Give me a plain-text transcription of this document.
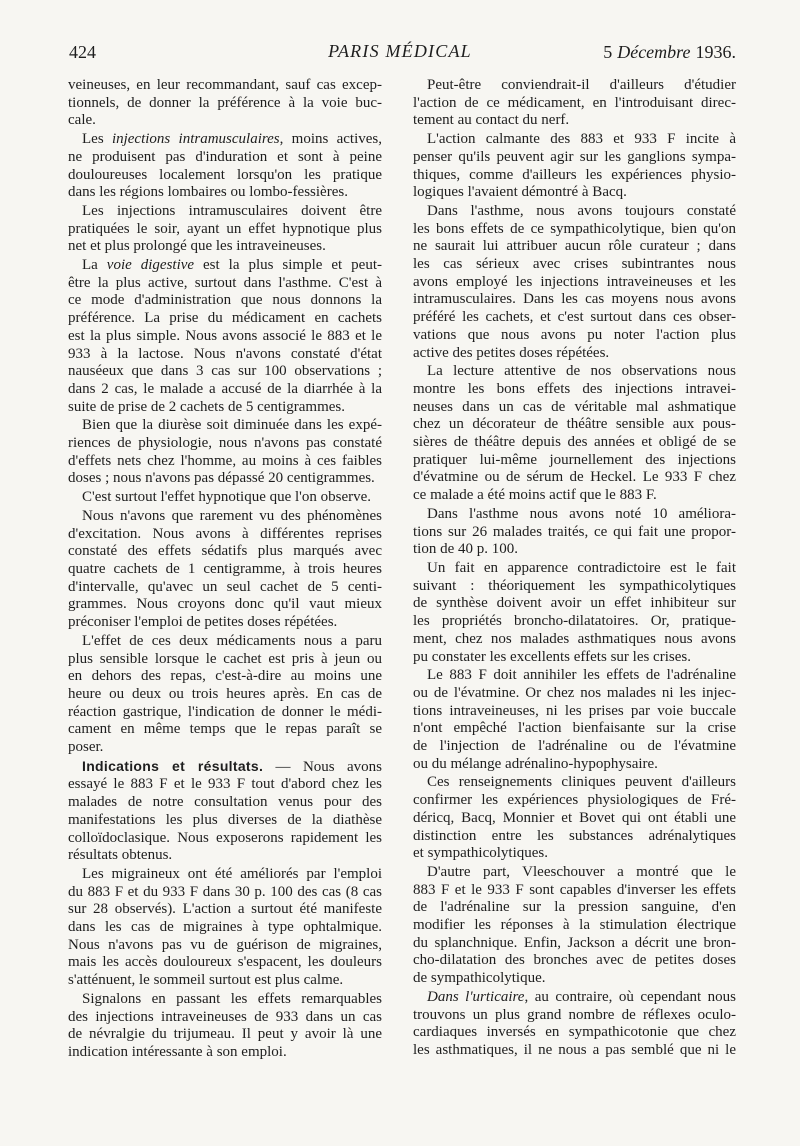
424	PARIS MÉDICAL	5 Décembre 1936.
veineuses, en leur recommandant, sauf cas excep-
tionnels, de donner la préférence à la voie buc-
cale.
Les injections intramusculaires, moins actives,
ne produisent pas d'induration et sont à peine
douloureuses localement lorsqu'on les pratique
dans les régions lombaires ou lombo-fessières.
Les injections intramusculaires doivent être
pratiquées le soir, ayant un effet hypnotique plus
net et plus prolongé que les intraveineuses.
La voie digestive est la plus simple et peut-
être la plus active, surtout dans l'asthme. C'est à
ce mode d'administration que nous donnons la
préférence. La prise du médicament en cachets
est la plus simple. Nous avons associé le 883 et le
933 à la lactose. Nous n'avons constaté d'état
nauséeux que dans 3 cas sur 100 observations ;
dans 2 cas, le malade a accusé de la diarrhée à la
suite de prise de 2 cachets de 5 centigrammes.
Bien que la diurèse soit diminuée dans les expé-
riences de physiologie, nous n'avons pas constaté
d'effets nets chez l'homme, au moins à ces faibles
doses ; nous n'avons pas dépassé 20 centigrammes.
C'est surtout l'effet hypnotique que l'on observe.
Nous n'avons que rarement vu des phénomènes
d'excitation. Nous avons à différentes reprises
constaté des effets sédatifs plus marqués avec
quatre cachets de 1 centigramme, à trois heures
d'intervalle, qu'avec un seul cachet de 5 centi-
grammes. Nous croyons donc qu'il vaut mieux
préconiser l'emploi de petites doses répétées.
L'effet de ces deux médicaments nous a paru
plus sensible lorsque le cachet est pris à jeun ou
en dehors des repas, c'est-à-dire au moins une
heure ou deux ou trois heures après. En cas de
réaction gastrique, l'indication de donner le médi-
cament en même temps que le repas paraît se
poser.
Indications et résultats. — Nous avons
essayé le 883 F et le 933 F tout d'abord chez les
malades de notre consultation venus pour des
manifestations les plus diverses de la diathèse
colloïdoclasique. Nous exposerons rapidement les
résultats obtenus.
Les migraineux ont été améliorés par l'emploi
du 883 F et du 933 F dans 30 p. 100 des cas (8 cas
sur 28 observés). L'action a surtout été manifeste
dans les cas de migraines à type ophtalmique.
Nous n'avons pas vu de guérison de migraines,
mais les accès douloureux s'espacent, les douleurs
s'atténuent, le sommeil surtout est plus calme.
Signalons en passant les effets remarquables
des injections intraveineuses de 933 dans un cas
de névralgie du trijumeau. Il peut y avoir là une
indication intéressante à son emploi.
Peut-être conviendrait-il d'ailleurs d'étudier
l'action de ce médicament, en l'introduisant direc-
tement au contact du nerf.
L'action calmante des 883 et 933 F incite à
penser qu'ils peuvent agir sur les ganglions sympa-
thiques, comme d'ailleurs les expériences physio-
logiques l'avaient démontré à Bacq.
Dans l'asthme, nous avons toujours constaté
les bons effets de ce sympathicolytique, bien qu'on
ne saurait lui attribuer aucun rôle curateur ; dans
les cas sérieux avec crises subintrantes nous
avons employé les injections intraveineuses et les
intramusculaires. Dans les cas moyens nous avons
préféré les cachets, et c'est surtout dans ces obser-
vations que nous avons pu noter l'action plus
active des petites doses répétées.
La lecture attentive de nos observations nous
montre les bons effets des injections intravei-
neuses dans un cas de véritable mal ashmatique
chez un décorateur de théâtre sensible aux pous-
sières de théâtre depuis des années et obligé de se
pratiquer lui-même journellement des injections
d'évatmine ou de sérum de Heckel. Le 933 F chez
ce malade a été moins actif que le 883 F.
Dans l'asthme nous avons noté 10 améliora-
tions sur 26 malades traités, ce qui fait une propor-
tion de 40 p. 100.
Un fait en apparence contradictoire est le fait
suivant : théoriquement les sympathicolytiques
de synthèse doivent avoir un effet inhibiteur sur
les propriétés broncho-dilatatoires. Or, pratique-
ment, chez nos malades asthmatiques nous avons
pu constater les excellents effets sur les crises.
Le 883 F doit annihiler les effets de l'adrénaline
ou de l'évatmine. Or chez nos malades ni les injec-
tions intraveineuses, ni les prises par voie buccale
n'ont empêché l'action bienfaisante sur la crise
de l'injection de l'adrénaline ou de l'évatmine
ou du mélange adrénalino-hypophysaire.
Ces renseignements cliniques peuvent d'ailleurs
confirmer les expériences physiologiques de Fré-
déricq, Bacq, Monnier et Bovet qui ont établi une
distinction entre les substances adrénalytiques
et sympathicolytiques.
D'autre part, Vleeschouver a montré que le
883 F et le 933 F sont capables d'inverser les effets
de l'adrénaline sur la pression sanguine, d'en
modifier les réponses à la stimulation électrique
du splanchnique. Enfin, Jackson a décrit une bron-
cho-dilatation des bronches avec de petites doses
de sympathicolytique.
Dans l'urticaire, au contraire, où cependant nous
trouvons un plus grand nombre de réflexes oculo-
cardiaques inversés en sympathicotonie que chez
les asthmatiques, il ne nous a pas semblé que ni le
